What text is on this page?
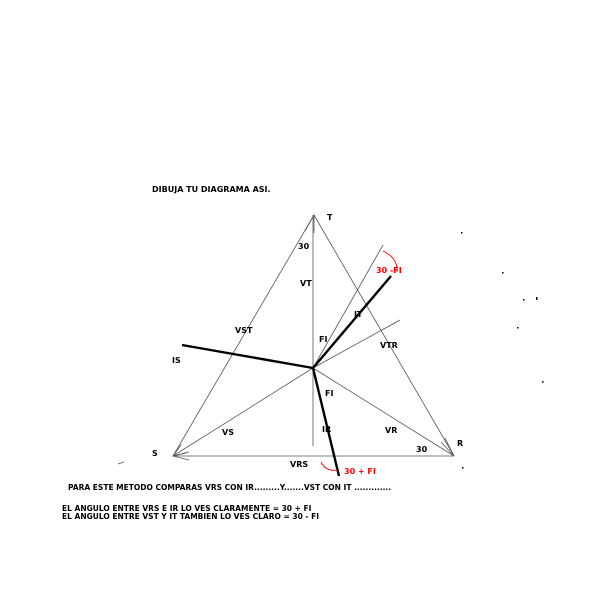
DIBUJA TU DIAGRAMA ASI.
T
S
R
30
VT
VST
IT
FI
VTR
IS
FI
VS	IR	VR
30
VRS
30 -FI
30 + FI
PARA ESTE METODO COMPARAS VRS CON IR.........Y.......VST CON IT .............
EL ANGULO ENTRE VRS E IR LO VES CLARAMENTE = 30 + FI
EL ANGULO ENTRE VST Y IT TAMBIEN LO VES CLARO = 30 - FI
